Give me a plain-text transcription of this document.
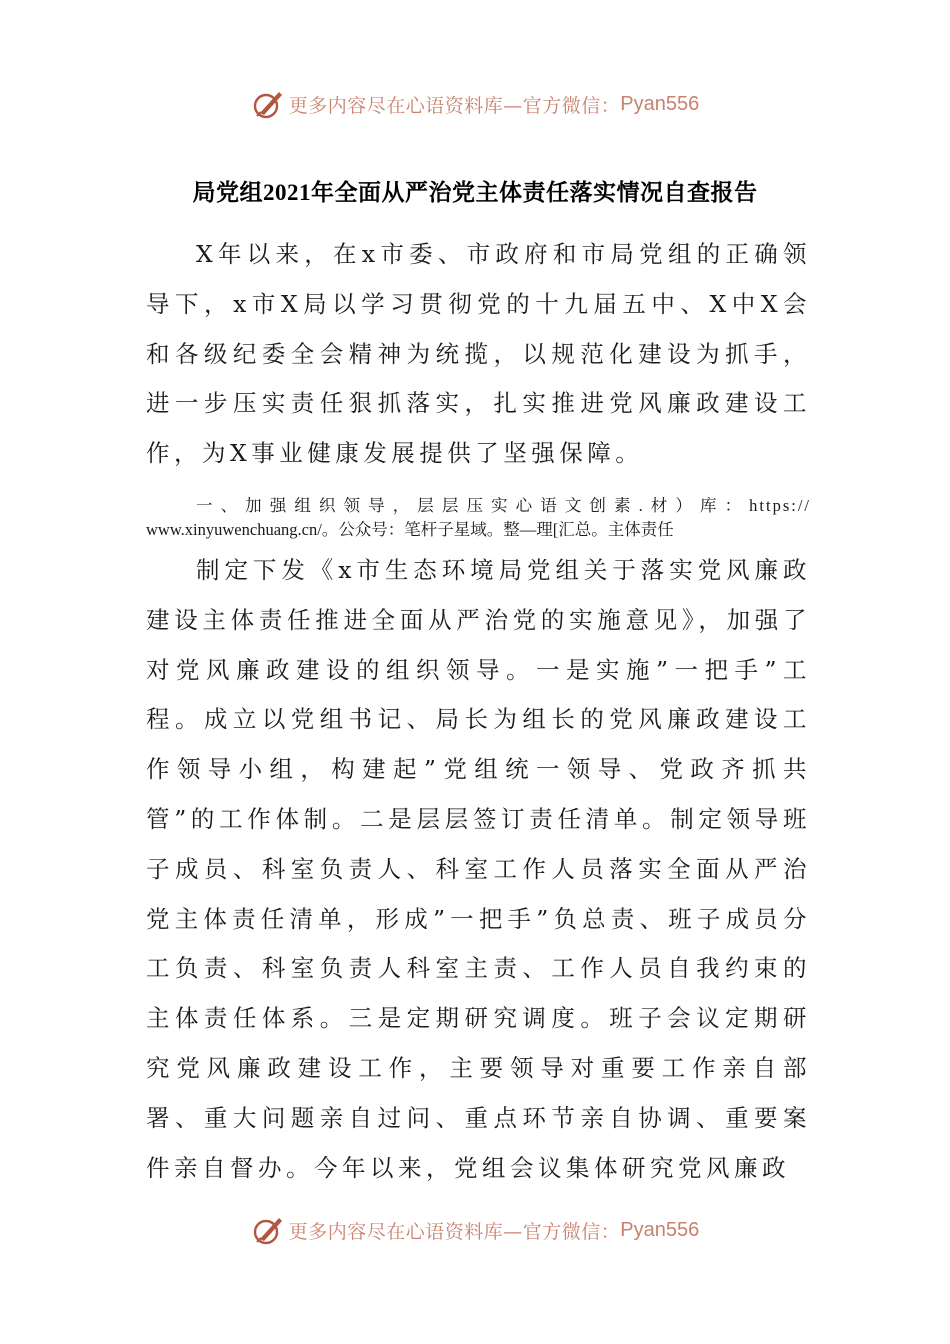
更多内容尽在心语资料库—官方微信： Pyan556
局党组2021年全面从严治党主体责任落实情况自查报告

X年以来，在x市委、市政府和市局党组的正确领导下，x市X局以学习贯彻党的十九届五中、X中X会和各级纪委全会精神为统揽，以规范化建设为抓手，进一步压实责任狠抓落实，扎实推进党风廉政建设工作，为X事业健康发展提供了坚强保障。

一、加强组织领导，层层压实心语文创素.材）库：https://
www.xinyuwenchuang.cn/。公众号：笔杆子星域。整—理[汇总。主体责任

制定下发《x市生态环境局党组关于落实党风廉政建设主体责任推进全面从严治党的实施意见》，加强了对党风廉政建设的组织领导。一是实施”一把手”工程。成立以党组书记、局长为组长的党风廉政建设工作领导小组，构建起”党组统一领导、党政齐抓共管”的工作体制。二是层层签订责任清单。制定领导班子成员、科室负责人、科室工作人员落实全面从严治党主体责任清单，形成”一把手”负总责、班子成员分工负责、科室负责人科室主责、工作人员自我约束的主体责任体系。三是定期研究调度。班子会议定期研究党风廉政建设工作，主要领导对重要工作亲自部署、重大问题亲自过问、重点环节亲自协调、重要案件亲自督办。今年以来，党组会议集体研究党风廉政

更多内容尽在心语资料库—官方微信： Pyan556
